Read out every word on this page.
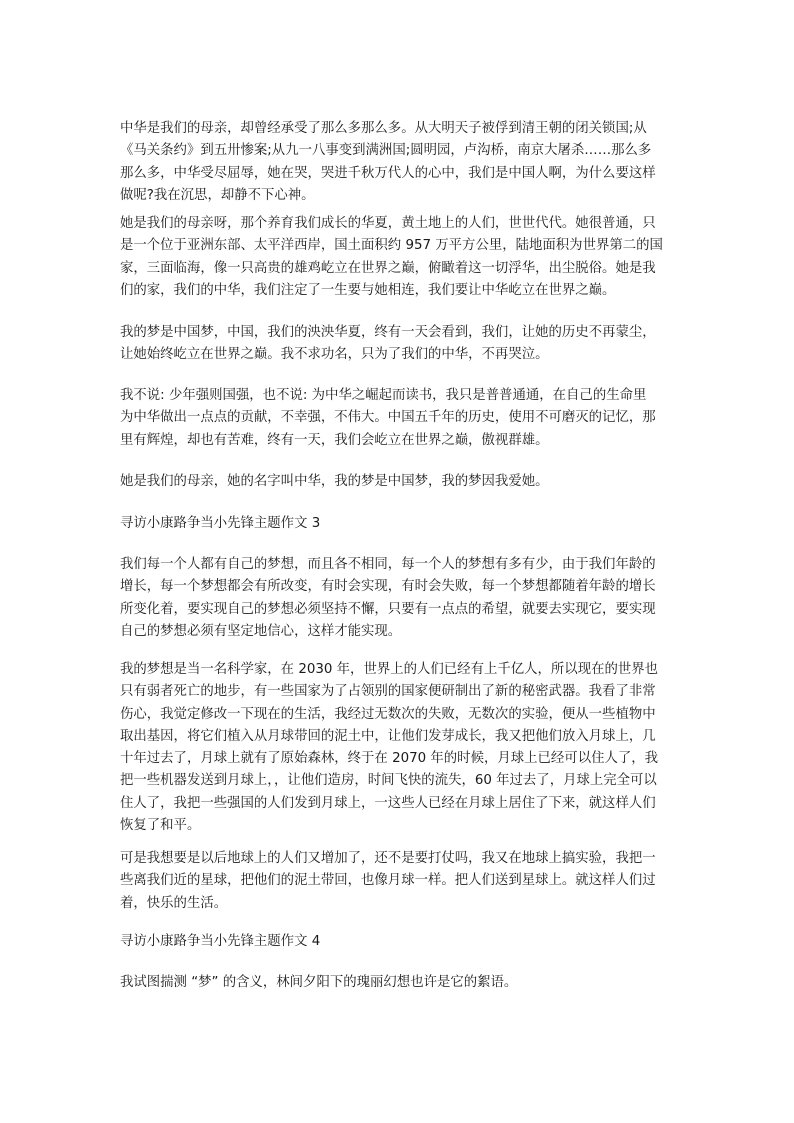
中华是我们的母亲，却曾经承受了那么多那么多。从大明天子被俘到清王朝的闭关锁国;从
《马关条约》到五卅惨案;从九一八事变到满洲国;圆明园，卢沟桥，南京大屠杀……那么多
那么多，中华受尽屈辱，她在哭，哭进千秋万代人的心中，我们是中国人啊，为什么要这样
做呢?我在沉思，却静不下心神。
她是我们的母亲呀，那个养育我们成长的华夏，黄土地上的人们，世世代代。她很普通，只
是一个位于亚洲东部、太平洋西岸，国土面积约 957 万平方公里，陆地面积为世界第二的国
家，三面临海，像一只高贵的雄鸡屹立在世界之巅，俯瞰着这一切浮华，出尘脱俗。她是我
们的家，我们的中华，我们注定了一生要与她相连，我们要让中华屹立在世界之巅。
我的梦是中国梦，中国，我们的泱泱华夏，终有一天会看到，我们，让她的历史不再蒙尘，
让她始终屹立在世界之巅。我不求功名，只为了我们的中华，不再哭泣。
我不说: 少年强则国强，也不说: 为中华之崛起而读书，我只是普普通通，在自己的生命里
为中华做出一点点的贡献，不幸强，不伟大。中国五千年的历史，使用不可磨灭的记忆，那
里有辉煌，却也有苦难，终有一天，我们会屹立在世界之巅，傲视群雄。
她是我们的母亲，她的名字叫中华，我的梦是中国梦，我的梦因我爱她。
寻访小康路争当小先锋主题作文 3
我们每一个人都有自己的梦想，而且各不相同，每一个人的梦想有多有少，由于我们年龄的
增长，每一个梦想都会有所改变，有时会实现，有时会失败，每一个梦想都随着年龄的增长
所变化着，要实现自己的梦想必须坚持不懈，只要有一点点的希望，就要去实现它，要实现
自己的梦想必须有坚定地信心，这样才能实现。
我的梦想是当一名科学家，在 2030 年，世界上的人们已经有上千亿人，所以现在的世界也
只有弱者死亡的地步，有一些国家为了占领别的国家便研制出了新的秘密武器。我看了非常
伤心，我觉定修改一下现在的生活，我经过无数次的失败，无数次的实验，便从一些植物中
取出基因，将它们植入从月球带回的泥土中，让他们发芽成长，我又把他们放入月球上，几
十年过去了，月球上就有了原始森林，终于在 2070 年的时候，月球上已经可以住人了，我
把一些机器发送到月球上，，让他们造房，时间飞快的流失，60 年过去了，月球上完全可以
住人了，我把一些强国的人们发到月球上，一这些人已经在月球上居住了下来，就这样人们
恢复了和平。
可是我想要是以后地球上的人们又增加了，还不是要打仗吗，我又在地球上搞实验，我把一
些离我们近的星球，把他们的泥土带回，也像月球一样。把人们送到星球上。就这样人们过
着，快乐的生活。
寻访小康路争当小先锋主题作文 4
我试图揣测 “梦” 的含义，林间夕阳下的瑰丽幻想也许是它的絮语。
